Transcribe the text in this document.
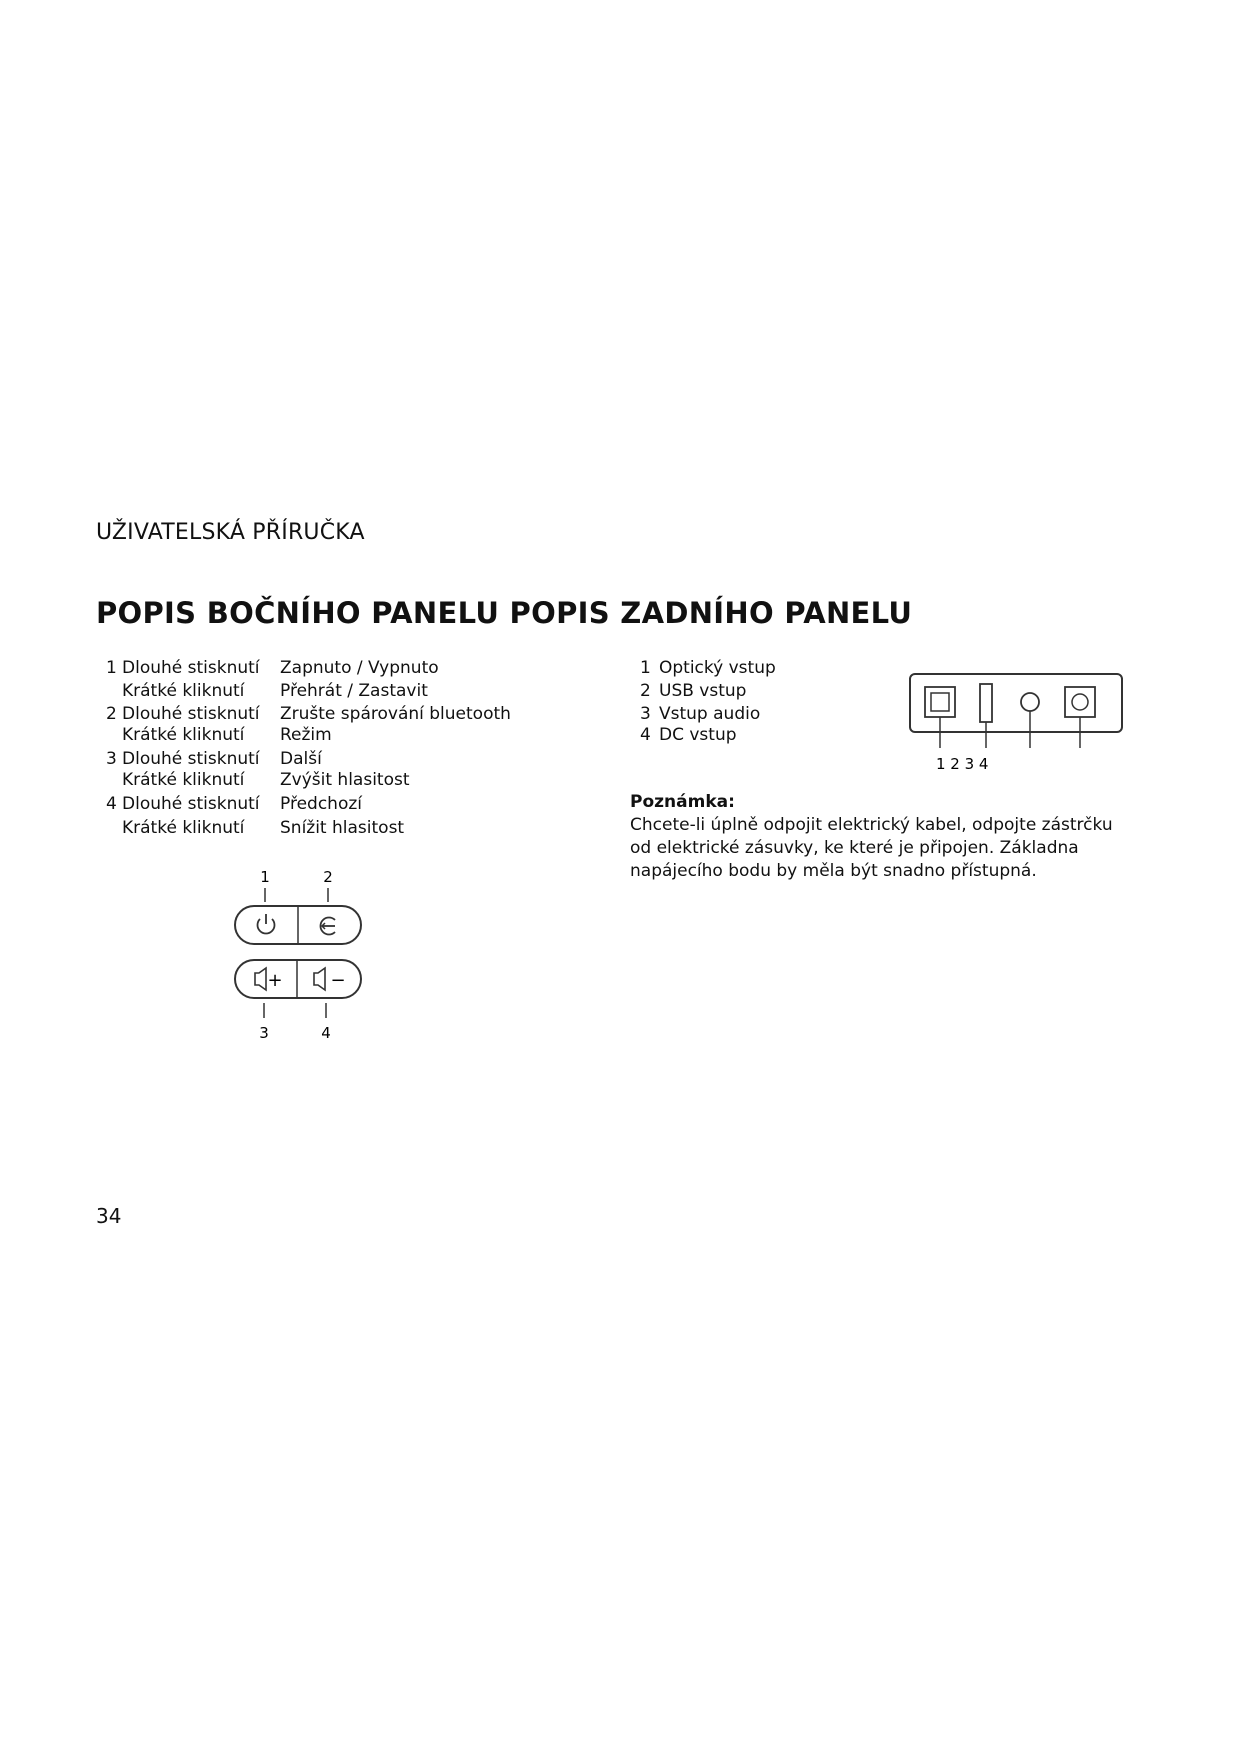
UŽIVATELSKÁ PŘÍRUČKA
POPIS BOČNÍHO PANELU POPIS ZADNÍHO PANELU
1 Dlouhé stisknutí Zapnuto / Vypnuto
Krátké kliknutí Přehrát / Zastavit
2 Dlouhé stisknutí Zrušte spárování bluetooth
Krátké kliknutí Režim
3 Dlouhé stisknutí Další
Krátké kliknutí Zvýšit hlasitost
4 Dlouhé stisknutí Předchozí
Krátké kliknutí Snížit hlasitost
1	2
+	−
3	4
1 Optický vstup
2 USB vstup
3 Vstup audio
4 DC vstup
1 2 3 4
Poznámka:
Chcete-li úplně odpojit elektrický kabel, odpojte zástrčku od elektrické zásuvky, ke které je připojen. Základna napájecího bodu by měla být snadno přístupná.
34
